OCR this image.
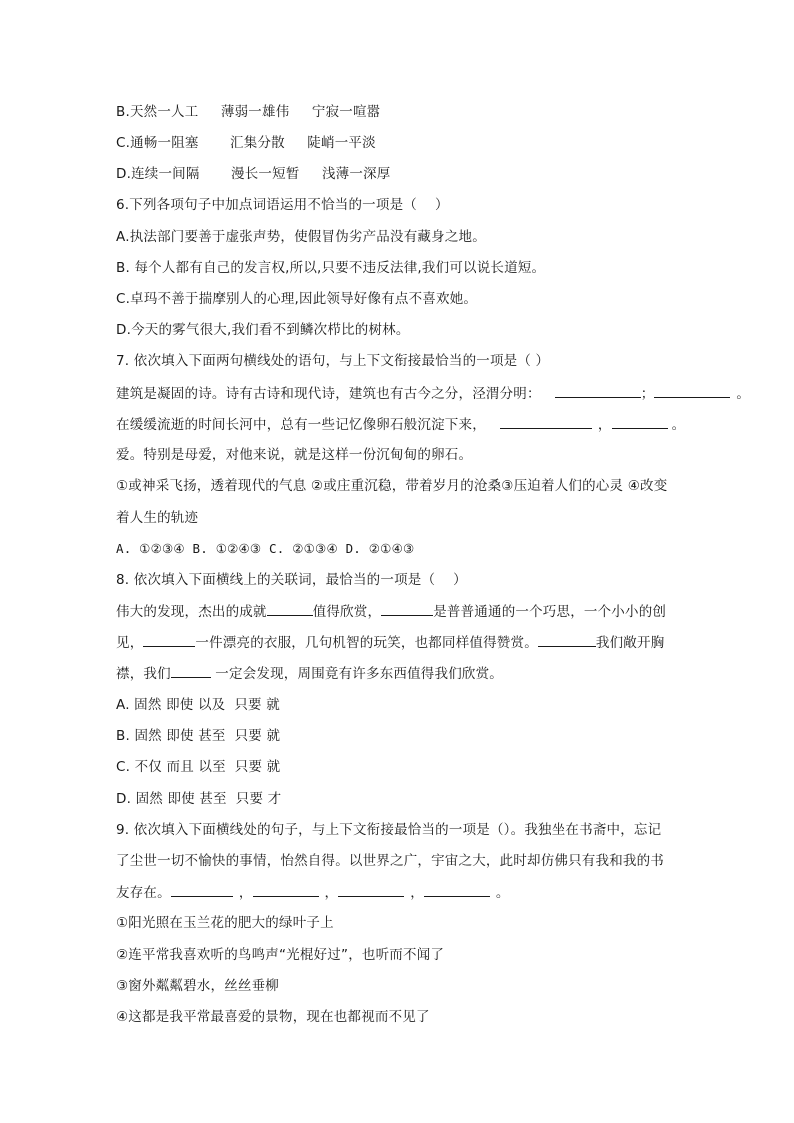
B.天然一人工     薄弱一雄伟     宁寂一喧嚣
C.通畅一阻塞       汇集分散     陡峭一平淡
D.连续一间隔       漫长一短暂     浅薄一深厚
6.下列各项句子中加点词语运用不恰当的一项是（    ）
A.执法部门要善于虚张声势，使假冒伪劣产品没有藏身之地。
B. 每个人都有自己的发言权,所以,只要不违反法律,我们可以说长道短。
C.卓玛不善于揣摩别人的心理,因此领导好像有点不喜欢她。
D.今天的雾气很大,我们看不到鳞次栉比的树林。
7. 依次填入下面两句横线处的语句，与上下文衔接最恰当的一项是（ ）
建筑是凝固的诗。诗有古诗和现代诗，建筑也有古今之分，泾渭分明：	；	。
在缓缓流逝的时间长河中，总有一些记忆像卵石般沉淀下来，	，	。
爱。特别是母爱，对他来说，就是这样一份沉甸甸的卵石。
①或神采飞扬，透着现代的气息 ②或庄重沉稳，带着岁月的沧桑③压迫着人们的心灵 ④改变
着人生的轨迹
A. ①②③④ B. ①②④③ C. ②①③④ D. ②①④③
8. 依次填入下面横线上的关联词，最恰当的一项是（    ）
伟大的发现，杰出的成就	值得欣赏，	是普普通通的一个巧思，一个小小的创
见，	一件漂亮的衣服，几句机智的玩笑，也都同样值得赞赏。	我们敞开胸
襟，我们	一定会发现，周围竟有许多东西值得我们欣赏。
A. 固然 即使 以及  只要 就
B. 固然 即使 甚至  只要 就
C. 不仅 而且 以至  只要 就
D. 固然 即使 甚至  只要 才
9. 依次填入下面横线处的句子，与上下文衔接最恰当的一项是（）。我独坐在书斋中，忘记
了尘世一切不愉快的事情，怡然自得。以世界之广，宇宙之大，此时却仿佛只有我和我的书
友存在。	，	，	，	。
①阳光照在玉兰花的肥大的绿叶子上
②连平常我喜欢听的鸟鸣声“光棍好过”，也听而不闻了
③窗外粼粼碧水，丝丝垂柳
④这都是我平常最喜爱的景物，现在也都视而不见了
